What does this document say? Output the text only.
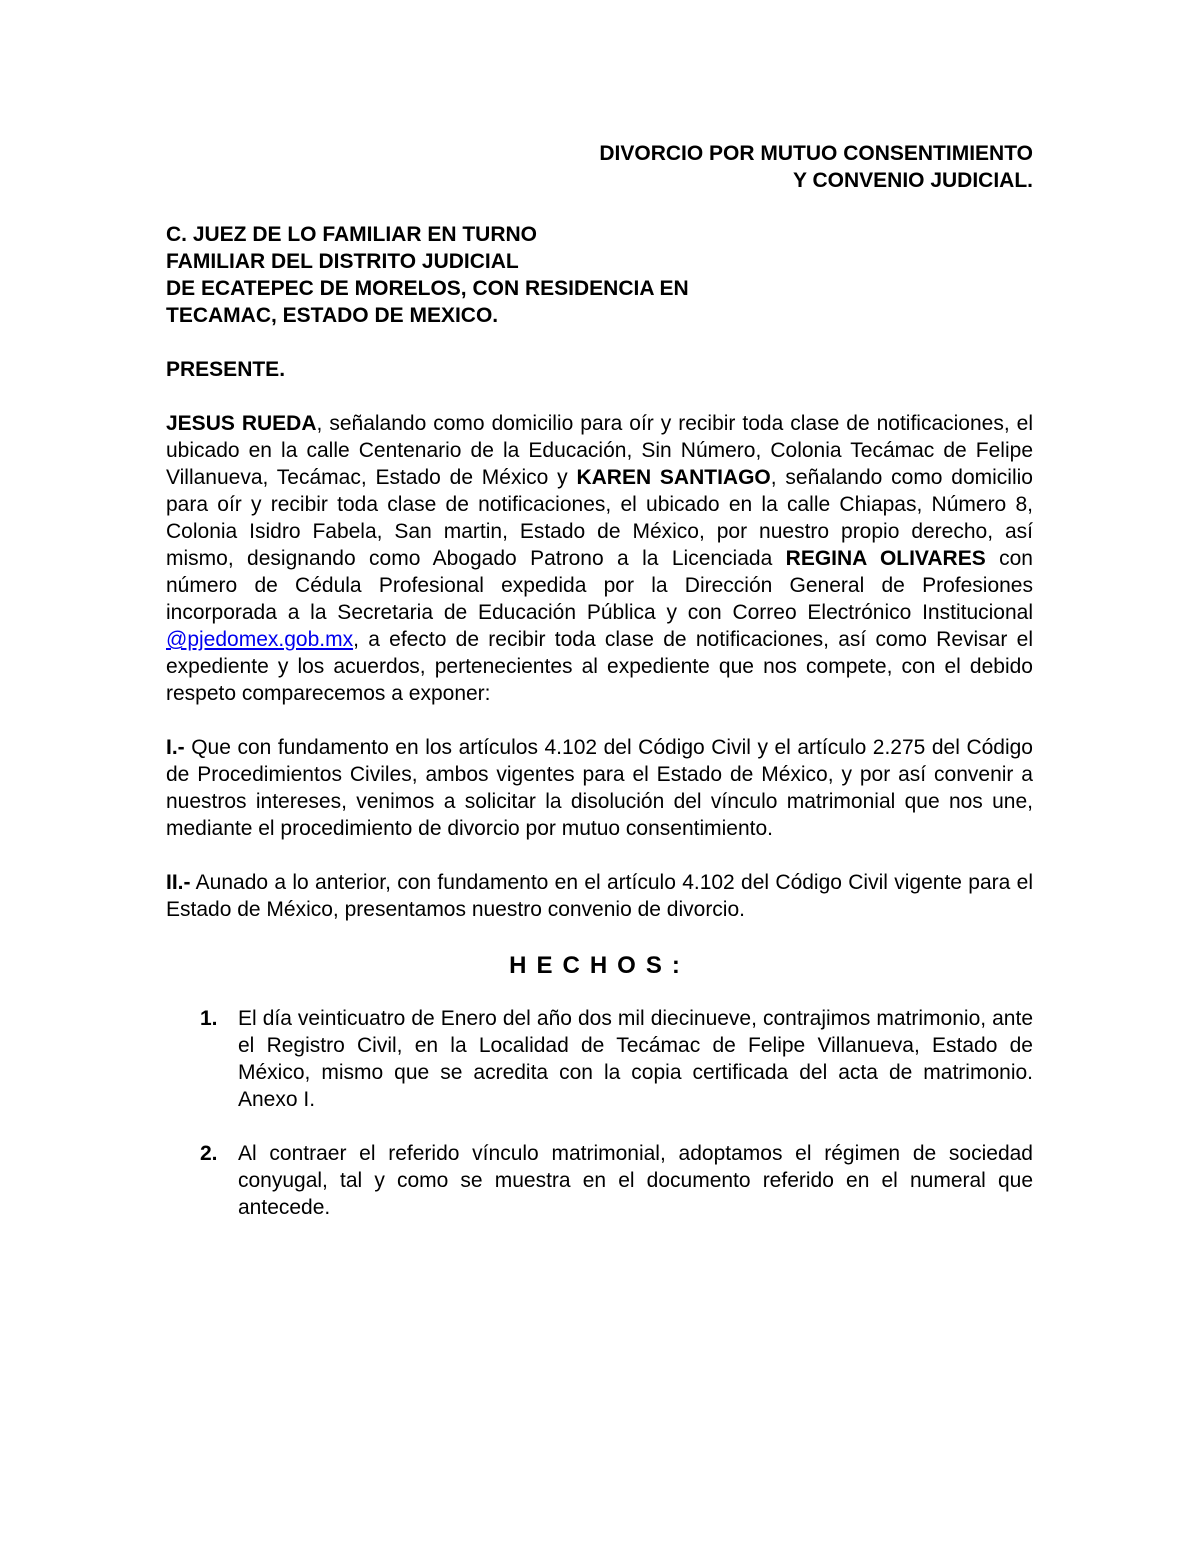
DIVORCIO POR MUTUO CONSENTIMIENTO
Y CONVENIO JUDICIAL.
C. JUEZ DE LO FAMILIAR EN TURNO
FAMILIAR DEL DISTRITO JUDICIAL
DE ECATEPEC DE MORELOS, CON RESIDENCIA EN
TECAMAC, ESTADO DE MEXICO.
PRESENTE.

JESUS RUEDA, señalando como domicilio para oír y recibir toda clase de notificaciones, el ubicado en la calle Centenario de la Educación, Sin Número, Colonia Tecámac de Felipe Villanueva, Tecámac, Estado de México y KAREN SANTIAGO, señalando como domicilio para oír y recibir toda clase de notificaciones, el ubicado en la calle Chiapas, Número 8, Colonia Isidro Fabela, San martin, Estado de México, por nuestro propio derecho, así mismo, designando como Abogado Patrono a la Licenciada REGINA OLIVARES con número de Cédula Profesional expedida por la Dirección General de Profesiones incorporada a la Secretaria de Educación Pública y con Correo Electrónico Institucional @pjedomex.gob.mx, a efecto de recibir toda clase de notificaciones, así como Revisar el expediente y los acuerdos, pertenecientes al expediente que nos compete, con el debido respeto comparecemos a exponer:

I.- Que con fundamento en los artículos 4.102 del Código Civil y el artículo 2.275 del Código de Procedimientos Civiles, ambos vigentes para el Estado de México, y por así convenir a nuestros intereses, venimos a solicitar la disolución del vínculo matrimonial que nos une, mediante el procedimiento de divorcio por mutuo consentimiento.

II.- Aunado a lo anterior, con fundamento en el artículo 4.102 del Código Civil vigente para el Estado de México, presentamos nuestro convenio de divorcio.

HECHOS:
1. El día veinticuatro de Enero del año dos mil diecinueve, contrajimos matrimonio, ante el Registro Civil, en la Localidad de Tecámac de Felipe Villanueva, Estado de México, mismo que se acredita con la copia certificada del acta de matrimonio. Anexo I.
2. Al contraer el referido vínculo matrimonial, adoptamos el régimen de sociedad conyugal, tal y como se muestra en el documento referido en el numeral que antecede.
